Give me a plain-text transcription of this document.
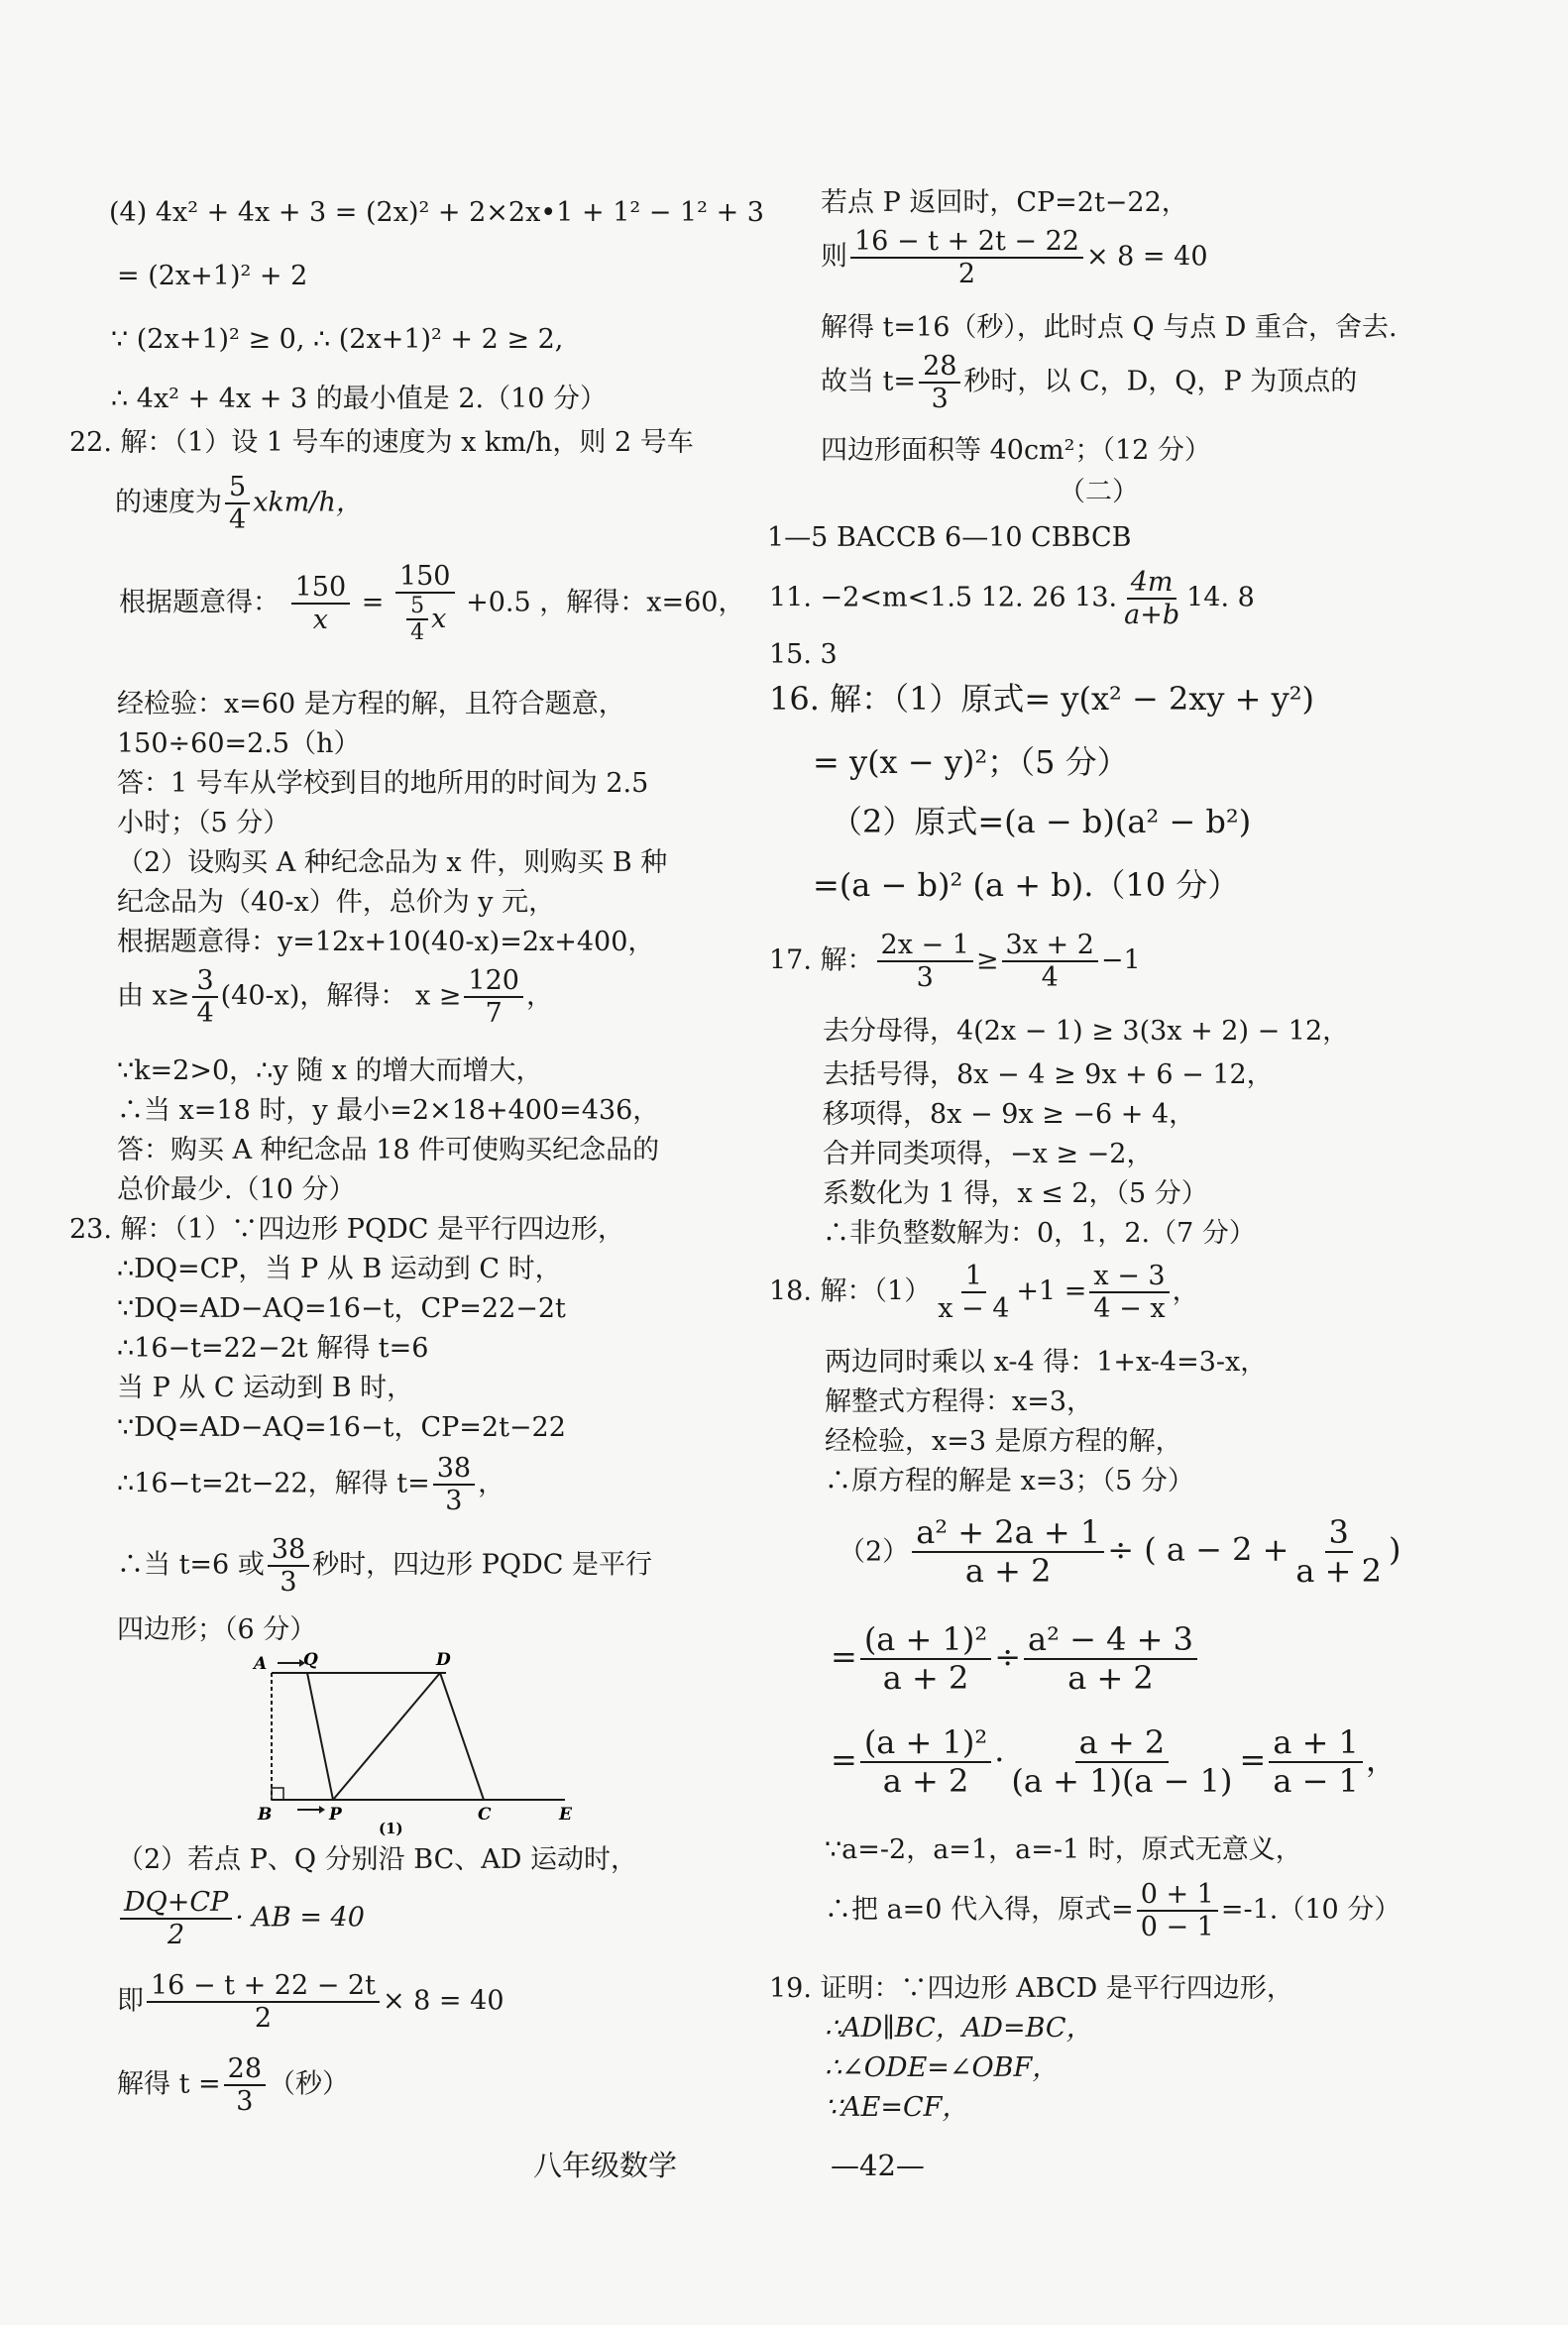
(4) 4x² + 4x + 3 = (2x)² + 2×2x•1 + 1² − 1² + 3
= (2x+1)² + 2
∵ (2x+1)² ≥ 0, ∴ (2x+1)² + 2 ≥ 2,
∴ 4x² + 4x + 3 的最小值是 2.（10 分）
22. 解：（1）设 1 号车的速度为 x km/h，则 2 号车
的速度为 $\frac{5}{4} xkm/h$，
根据题意得： $\frac{150}{x} = \frac{150}{\frac{5}{4} x} +0.5$ ，解得：x=60，
经检验：x=60 是方程的解，且符合题意，
150÷60=2.5（h）
答：1 号车从学校到目的地所用的时间为 2.5
小时；（5 分）
（2）设购买 A 种纪念品为 x 件，则购买 B 种
纪念品为（40-x）件，总价为 y 元，
根据题意得：y=12x+10(40-x)=2x+400，
由 $x\ge \frac{3}{4} (40-x)$，解得： $x \ge \frac{120}{7}$ ，
∵k=2>0，∴y 随 x 的增大而增大，
∴当 x=18 时，y 最小=2×18+400=436，
答：购买 A 种纪念品 18 件可使购买纪念品的
总价最少.（10 分）
23. 解：（1）∵四边形 PQDC 是平行四边形，
∴DQ=CP，当 P 从 B 运动到 C 时，
∵DQ=AD−AQ=16−t，CP=22−2t
∴16−t=22−2t 解得 t=6
当 P 从 C 运动到 B 时，
∵DQ=AD−AQ=16−t，CP=2t−22
∴16−t=2t−22，解得 $t= \frac{38}{3}$ ，
∴当 t=6 或 $\frac{38}{3}$ 秒时，四边形 PQDC 是平行
四边形；（6 分）
A Q	D
B	P	C	E
(1)
（2）若点 P、Q 分别沿 BC、AD 运动时，
$\frac{DQ+CP}{2}$ · AB = 40
即 $\frac{16 - t + 22 - 2t}{2} \times 8 = 40$
解得 $t = \frac{28}{3}$ （秒）
若点 P 返回时，CP=2t−22，
则 $\frac{16 - t + 2t - 22}{2} \times 8 = 40$
解得 t=16（秒），此时点 Q 与点 D 重合，舍去.
故当 $t= \frac{28}{3}$ 秒时，以 C，D，Q，P 为顶点的
四边形面积等 40cm²；（12 分）
（二）
1—5 BACCB 6—10 CBBCB
11. −2<m<1.5 12. 26 13. $\frac{4m}{a+b} 14$. 8
15. 3
16. 解：（1）原式= y(x² − 2xy + y²)
= y(x − y)²；（5 分）
（2）原式=(a − b)(a² − b²)
=(a − b)² (a + b).（10 分）
17. 解： $\frac{2x - 1}{3} \ge \frac{3x + 2}{4} -1$
去分母得，4(2x − 1) ≥ 3(3x + 2) − 12，
去括号得，8x − 4 ≥ 9x + 6 − 12，
移项得，8x − 9x ≥ −6 + 4，
合并同类项得，−x ≥ −2，
系数化为 1 得，x ≤ 2，（5 分）
∴非负整数解为：0，1，2.（7 分）
18. 解：$(1) \frac{1}{x - 4} +1 = \frac{x - 3}{4 - x}$ ，
两边同时乘以 x-4 得：1+x-4=3-x，
解整式方程得：x=3，
经检验，x=3 是原方程的解，
∴原方程的解是 x=3；（5 分）
$(2) \frac{\text{a² + 2a + 1}}{a + 2}$ ÷ ( $a - 2 + \frac{3}{a + 2}$ )
= $\frac{\text{(a + 1)²}}{a + 2} \div \frac{\text{a² − 4 + 3}}{a + 2}$
= $\frac{\text{(a + 1)²}}{a + 2} \cdot \frac{a + 2}{(a + 1)(a - 1)} = \frac{a + 1}{a - 1}$ ，
∵a=-2，a=1，a=-1 时，原式无意义，
∴把 a=0 代入得，原式= $\frac{0 + 1}{0 - 1} =-1.(10$ 分）
19. 证明：∵四边形 ABCD 是平行四边形，
∴AD∥BC，AD=BC，
∴∠ODE=∠OBF，
∵AE=CF，
八年级数学	—42—
